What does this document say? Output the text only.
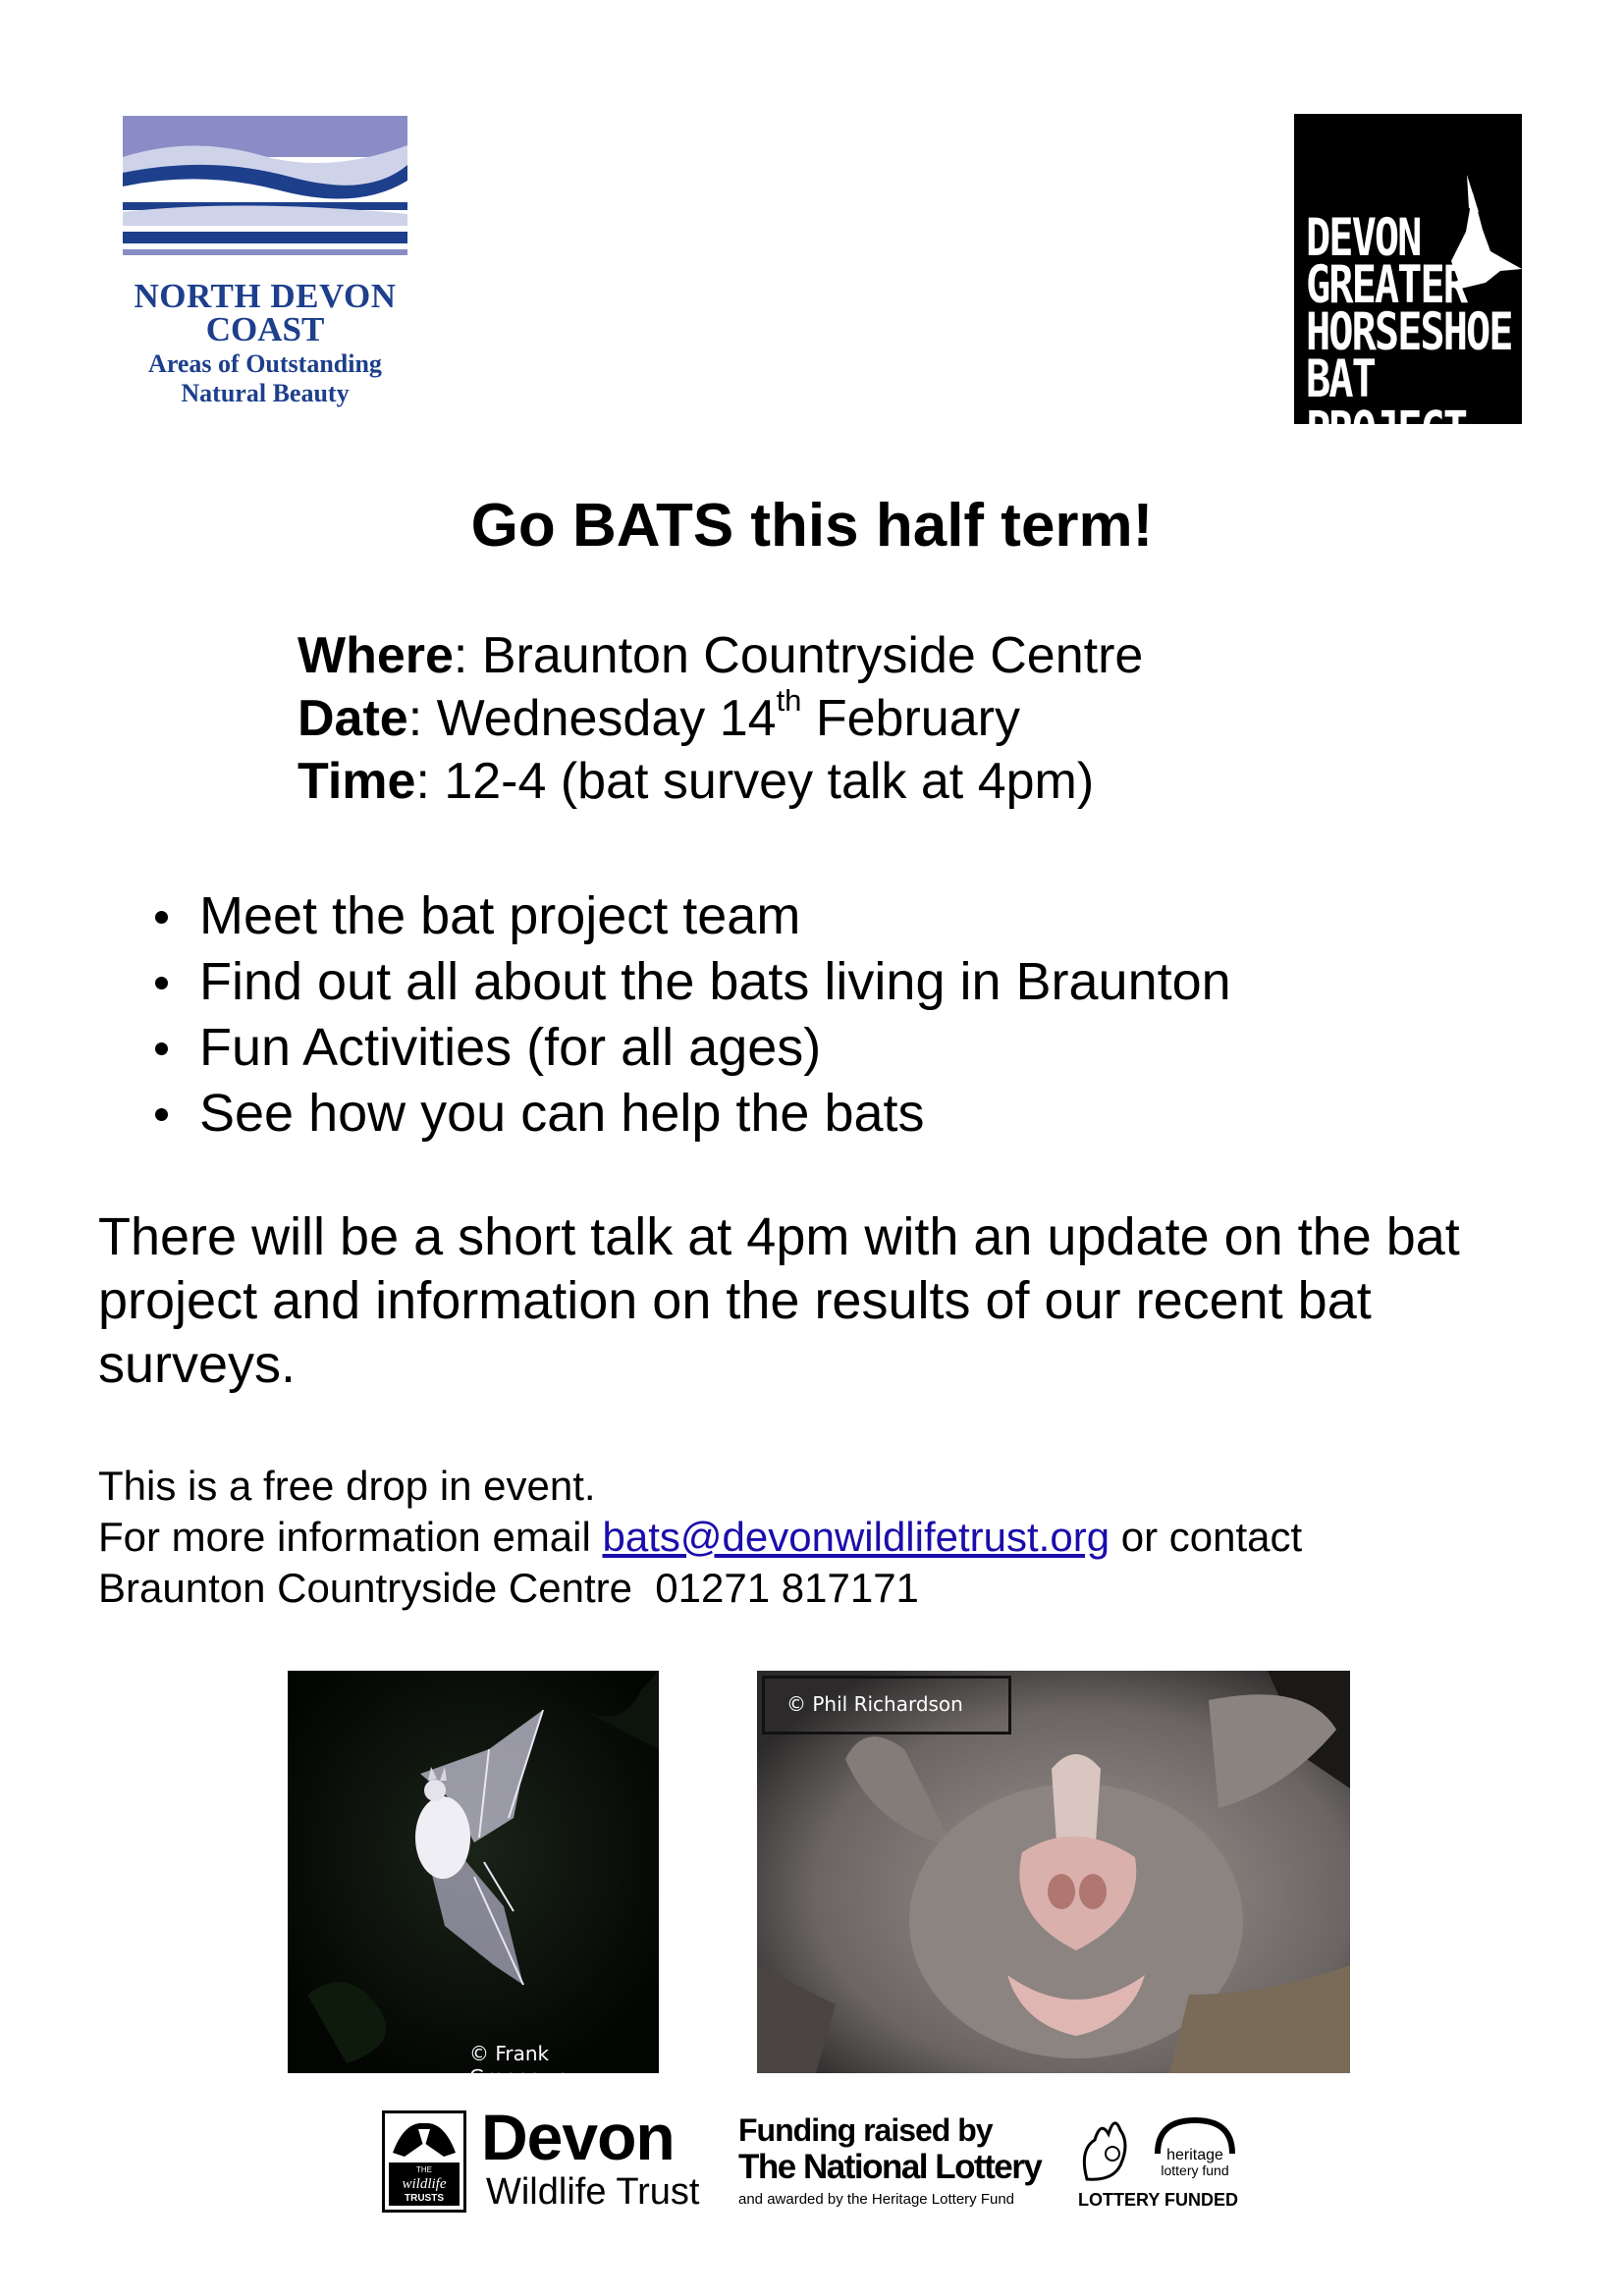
NORTH DEVON
COAST
Areas of Outstanding
Natural Beauty
DEVON
GREATER
HORSESHOE
BAT PROJECT
Go BATS this half term!
Where: Braunton Countryside Centre
Date: Wednesday 14th February
Time: 12-4 (bat survey talk at 4pm)
Meet the bat project team
Find out all about the bats living in Braunton
Fun Activities (for all ages)
See how you can help the bats
There will be a short talk at 4pm with an update on the bat project and information on the results of our recent bat surveys.
This is a free drop in event.
For more information email bats@devonwildlifetrust.org or contact
Braunton Countryside Centre  01271 817171
© Frank Greenaway
© Phil Richardson
THE
wildlife
TRUSTS
Devon
Wildlife Trust
Funding raised by
The National Lottery
and awarded by the Heritage Lottery Fund
heritage
lottery fund
LOTTERY FUNDED
